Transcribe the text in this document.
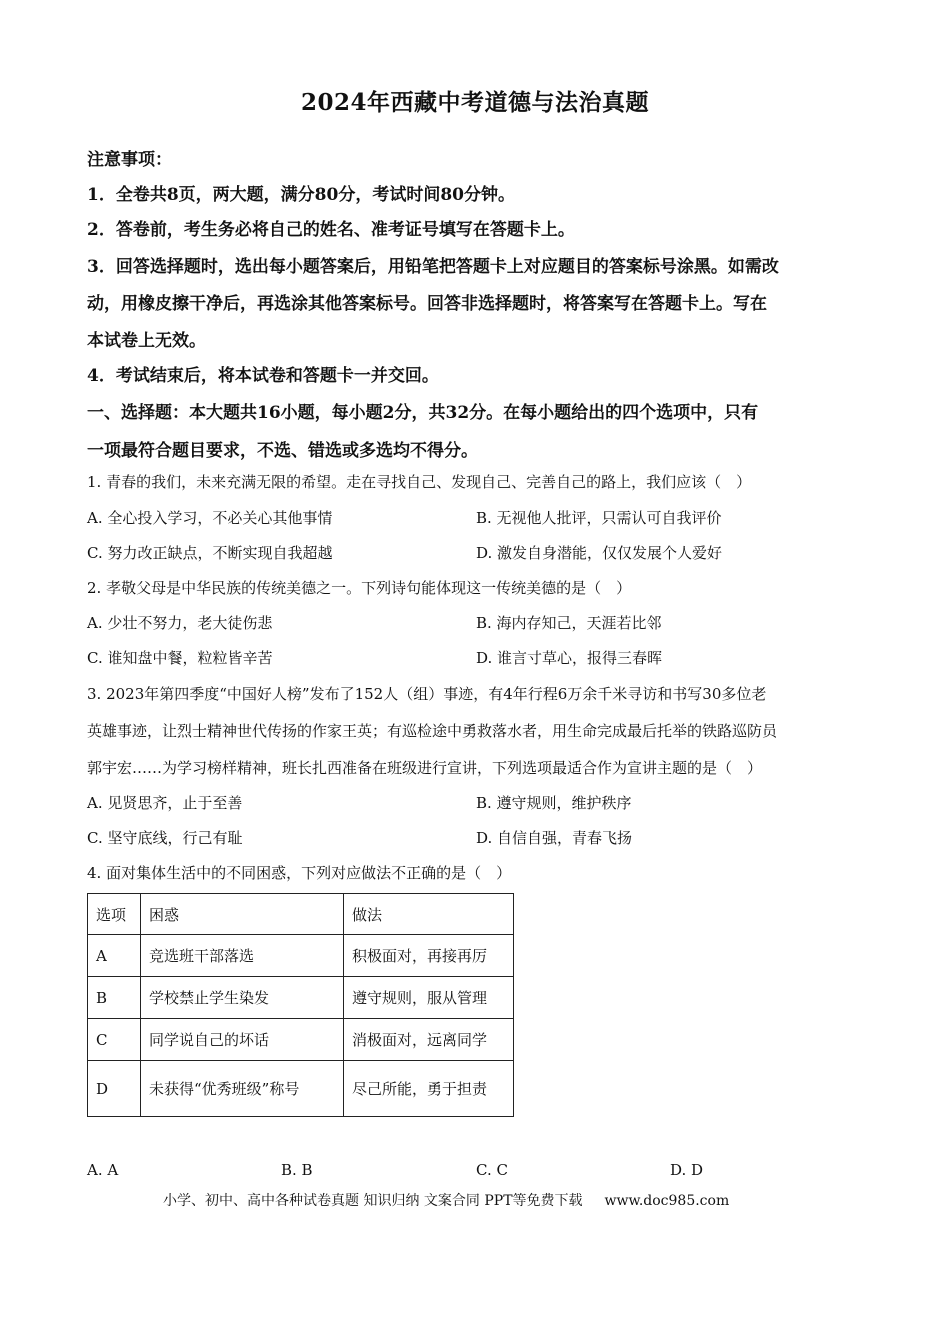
2024年西藏中考道德与法治真题
注意事项：
1．全卷共8页，两大题，满分80分，考试时间80分钟。
2．答卷前，考生务必将自己的姓名、准考证号填写在答题卡上。
3．回答选择题时，选出每小题答案后，用铅笔把答题卡上对应题目的答案标号涂黑。如需改
动，用橡皮擦干净后，再选涂其他答案标号。回答非选择题时，将答案写在答题卡上。写在
本试卷上无效。
4．考试结束后，将本试卷和答题卡一并交回。
一、选择题：本大题共16小题，每小题2分，共32分。在每小题给出的四个选项中，只有
一项最符合题目要求，不选、错选或多选均不得分。
1. 青春的我们，未来充满无限的希望。走在寻找自己、发现自己、完善自己的路上，我们应该（　）
A. 全心投入学习，不必关心其他事情	B. 无视他人批评，只需认可自我评价
C. 努力改正缺点，不断实现自我超越	D. 激发自身潜能，仅仅发展个人爱好
2. 孝敬父母是中华民族的传统美德之一。下列诗句能体现这一传统美德的是（　）
A. 少壮不努力，老大徒伤悲	B. 海内存知己，天涯若比邻
C. 谁知盘中餐，粒粒皆辛苦	D. 谁言寸草心，报得三春晖
3. 2023年第四季度“中国好人榜”发布了152人（组）事迹，有4年行程6万余千米寻访和书写30多位老
英雄事迹，让烈士精神世代传扬的作家王英；有巡检途中勇救落水者，用生命完成最后托举的铁路巡防员
郭宇宏……为学习榜样精神，班长扎西准备在班级进行宣讲，下列选项最适合作为宣讲主题的是（　）
A. 见贤思齐，止于至善	B. 遵守规则，维护秩序
C. 坚守底线，行己有耻	D. 自信自强，青春飞扬
4. 面对集体生活中的不同困惑，下列对应做法不正确的是（　）
选项	困惑	做法
A	竞选班干部落选	积极面对，再接再厉
B	学校禁止学生染发	遵守规则，服从管理
C	同学说自己的坏话	消极面对，远离同学
D	未获得“优秀班级”称号	尽己所能，勇于担责
A. A	B. B	C. C	D. D
小学、初中、高中各种试卷真题 知识归纳 文案合同 PPT等免费下载 www.doc985.com
